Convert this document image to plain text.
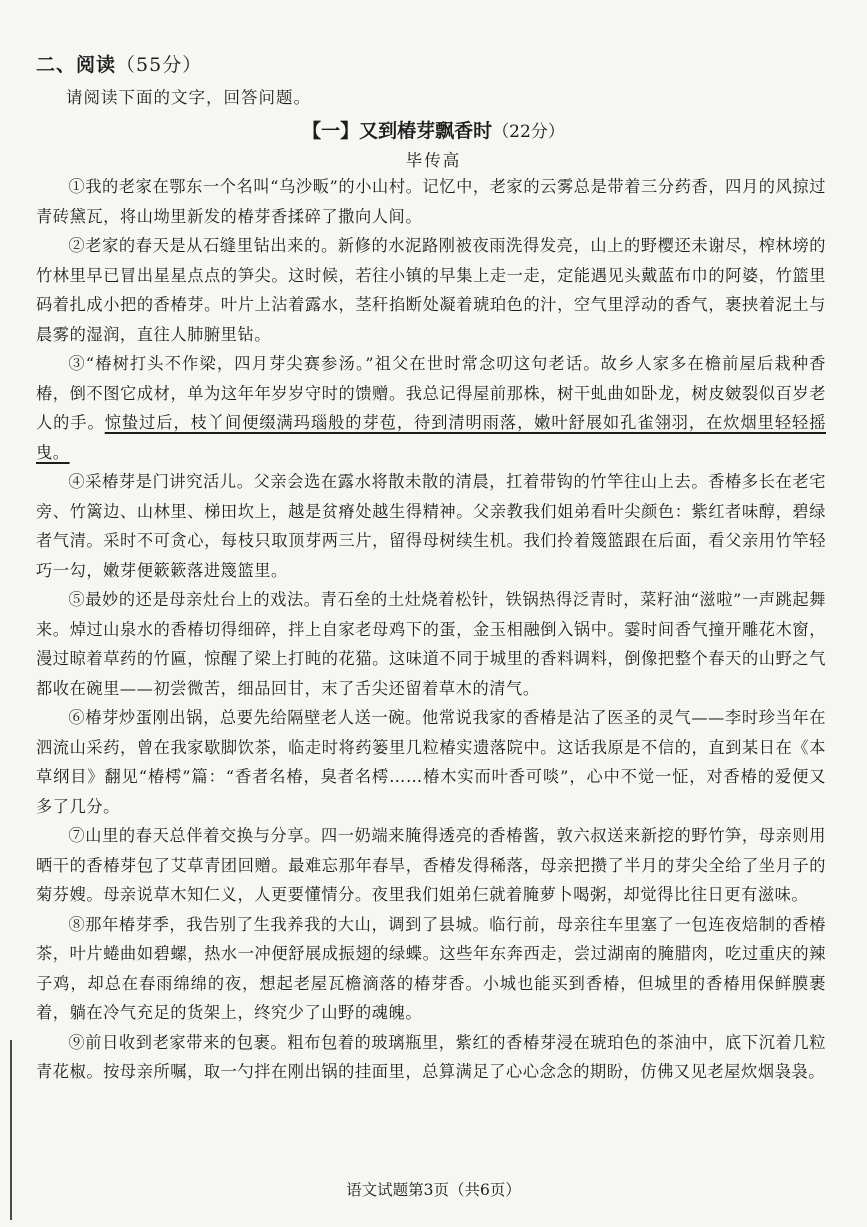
二、阅读（55分）
请阅读下面的文字，回答问题。
【一】又到椿芽飘香时（22分）
毕传高

①我的老家在鄂东一个名叫“乌沙畈”的小山村。记忆中，老家的云雾总是带着三分药香，四月的风掠过青砖黛瓦，将山坳里新发的椿芽香揉碎了撒向人间。

②老家的春天是从石缝里钻出来的。新修的水泥路刚被夜雨洗得发亮，山上的野樱还未谢尽，榨林塝的竹林里早已冒出星星点点的笋尖。这时候，若往小镇的早集上走一走，定能遇见头戴蓝布巾的阿婆，竹篮里码着扎成小把的香椿芽。叶片上沾着露水，茎秆掐断处凝着琥珀色的汁，空气里浮动的香气，裹挟着泥土与晨雾的湿润，直往人肺腑里钻。

③“椿树打头不作梁，四月芽尖赛参汤。”祖父在世时常念叨这句老话。故乡人家多在檐前屋后栽种香椿，倒不图它成材，单为这年年岁岁守时的馈赠。我总记得屋前那株，树干虬曲如卧龙，树皮皴裂似百岁老人的手。惊蛰过后，枝丫间便缀满玛瑙般的芽苞，待到清明雨落，嫩叶舒展如孔雀翎羽，在炊烟里轻轻摇曳。

④采椿芽是门讲究活儿。父亲会选在露水将散未散的清晨，扛着带钩的竹竿往山上去。香椿多长在老宅旁、竹篱边、山林里、梯田坎上，越是贫瘠处越生得精神。父亲教我们姐弟看叶尖颜色：紫红者味醇，碧绿者气清。采时不可贪心，每枝只取顶芽两三片，留得母树续生机。我们拎着篾篮跟在后面，看父亲用竹竿轻巧一勾，嫩芽便簌簌落进篾篮里。

⑤最妙的还是母亲灶台上的戏法。青石垒的土灶烧着松针，铁锅热得泛青时，菜籽油“滋啦”一声跳起舞来。焯过山泉水的香椿切得细碎，拌上自家老母鸡下的蛋，金玉相融倒入锅中。霎时间香气撞开雕花木窗，漫过晾着草药的竹匾，惊醒了梁上打盹的花猫。这味道不同于城里的香料调料，倒像把整个春天的山野之气都收在碗里——初尝微苦，细品回甘，末了舌尖还留着草木的清气。

⑥椿芽炒蛋刚出锅，总要先给隔壁老人送一碗。他常说我家的香椿是沾了医圣的灵气——李时珍当年在泗流山采药，曾在我家歇脚饮茶，临走时将药篓里几粒椿实遗落院中。这话我原是不信的，直到某日在《本草纲目》翻见“椿樗”篇：“香者名椿，臭者名樗……椿木实而叶香可啖”，心中不觉一怔，对香椿的爱便又多了几分。

⑦山里的春天总伴着交换与分享。四一奶端来腌得透亮的香椿酱，敦六叔送来新挖的野竹笋，母亲则用晒干的香椿芽包了艾草青团回赠。最难忘那年春旱，香椿发得稀落，母亲把攒了半月的芽尖全给了坐月子的菊芬嫂。母亲说草木知仁义，人更要懂情分。夜里我们姐弟仨就着腌萝卜喝粥，却觉得比往日更有滋味。

⑧那年椿芽季，我告别了生我养我的大山，调到了县城。临行前，母亲往车里塞了一包连夜焙制的香椿茶，叶片蜷曲如碧螺，热水一冲便舒展成振翅的绿蝶。这些年东奔西走，尝过湖南的腌腊肉，吃过重庆的辣子鸡，却总在春雨绵绵的夜，想起老屋瓦檐滴落的椿芽香。小城也能买到香椿，但城里的香椿用保鲜膜裹着，躺在冷气充足的货架上，终究少了山野的魂魄。

⑨前日收到老家带来的包裹。粗布包着的玻璃瓶里，紫红的香椿芽浸在琥珀色的茶油中，底下沉着几粒青花椒。按母亲所嘱，取一勺拌在刚出锅的挂面里，总算满足了心心念念的期盼，仿佛又见老屋炊烟袅袅。

语文试题第3页（共6页）
